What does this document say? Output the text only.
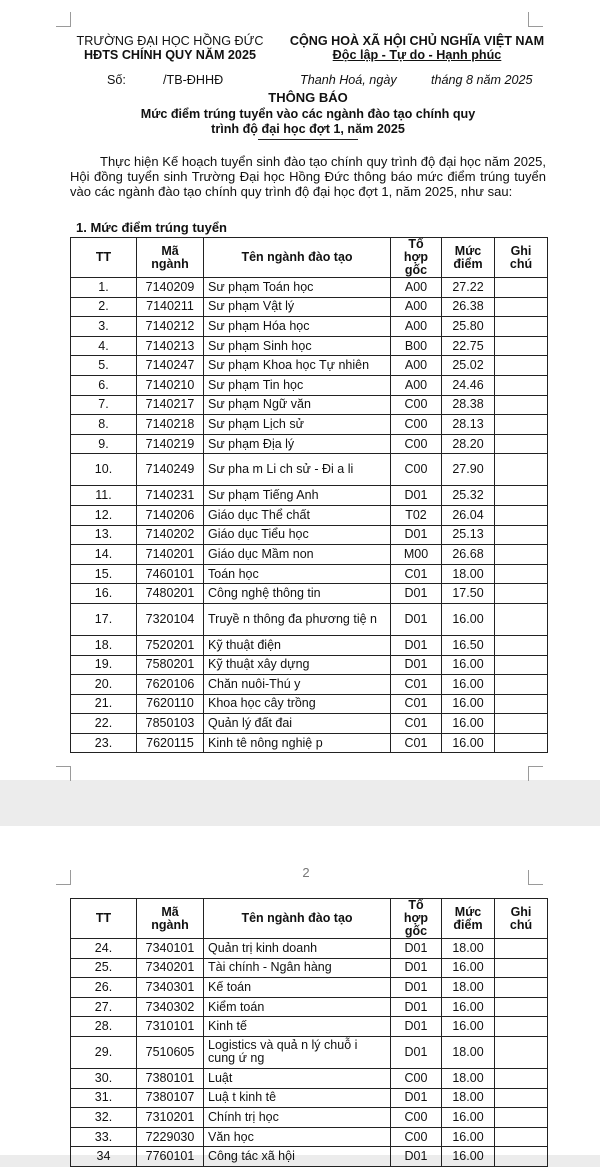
TRƯỜNG ĐẠI HỌC HỒNG ĐỨC
HĐTS CHÍNH QUY NĂM 2025
CỘNG HOÀ XÃ HỘI CHỦ NGHĨA VIỆT NAM
Độc lập - Tự do - Hạnh phúc
Số:	/TB-ĐHHĐ	Thanh Hoá, ngày	tháng 8 năm 2025
THÔNG BÁO
Mức điểm trúng tuyển vào các ngành đào tạo chính quy
trình độ đại học đợt 1, năm 2025
Thực hiện Kế hoạch tuyển sinh đào tạo chính quy trình độ đại học năm 2025, Hội đồng tuyển sinh Trường Đại học Hồng Đức thông báo mức điểm trúng tuyển vào các ngành đào tạo chính quy trình độ đại học đợt 1, năm 2025, như sau:
1. Mức điểm trúng tuyển
TT	Mã ngành	Tên ngành đào tạo	Tổ hợp gốc	Mức điểm	Ghi chú
1.	7140209	Sư phạm Toán học	A00	27.22	
2.	7140211	Sư phạm Vật lý	A00	26.38	
3.	7140212	Sư phạm Hóa học	A00	25.80	
4.	7140213	Sư phạm Sinh học	B00	22.75	
5.	7140247	Sư phạm Khoa học Tự nhiên	A00	25.02	
6.	7140210	Sư phạm Tin học	A00	24.46	
7.	7140217	Sư phạm Ngữ văn	C00	28.38	
8.	7140218	Sư phạm Lịch sử	C00	28.13	
9.	7140219	Sư phạm Địa lý	C00	28.20	
10.	7140249	Sư pha m Li ch sử - Đi a li	C00	27.90	
11.	7140231	Sư phạm Tiếng Anh	D01	25.32	
12.	7140206	Giáo dục Thể chất	T02	26.04	
13.	7140202	Giáo dục Tiểu học	D01	25.13	
14.	7140201	Giáo dục Mầm non	M00	26.68	
15.	7460101	Toán học	C01	18.00	
16.	7480201	Công nghệ thông tin	D01	17.50	
17.	7320104	Truyề n thông đa phương tiệ n	D01	16.00	
18.	7520201	Kỹ thuật điện	D01	16.50	
19.	7580201	Kỹ thuật xây dựng	D01	16.00	
20.	7620106	Chăn nuôi-Thú y	C01	16.00	
21.	7620110	Khoa học cây trồng	C01	16.00	
22.	7850103	Quản lý đất đai	C01	16.00	
23.	7620115	Kinh tê nông nghiệ p	C01	16.00	
2
TT	Mã ngành	Tên ngành đào tạo	Tổ hợp gốc	Mức điểm	Ghi chú
24.	7340101	Quản trị kinh doanh	D01	18.00	
25.	7340201	Tài chính - Ngân hàng	D01	16.00	
26.	7340301	Kế toán	D01	18.00	
27.	7340302	Kiểm toán	D01	16.00	
28.	7310101	Kinh tế	D01	16.00	
29.	7510605	Logistics và quả n lý chuỗ i cung ứ ng	D01	18.00	
30.	7380101	Luật	C00	18.00	
31.	7380107	Luậ t kinh tê	D01	18.00	
32.	7310201	Chính trị học	C00	16.00	
33.	7229030	Văn học	C00	16.00	
34	7760101	Công tác xã hội	D01	16.00	
